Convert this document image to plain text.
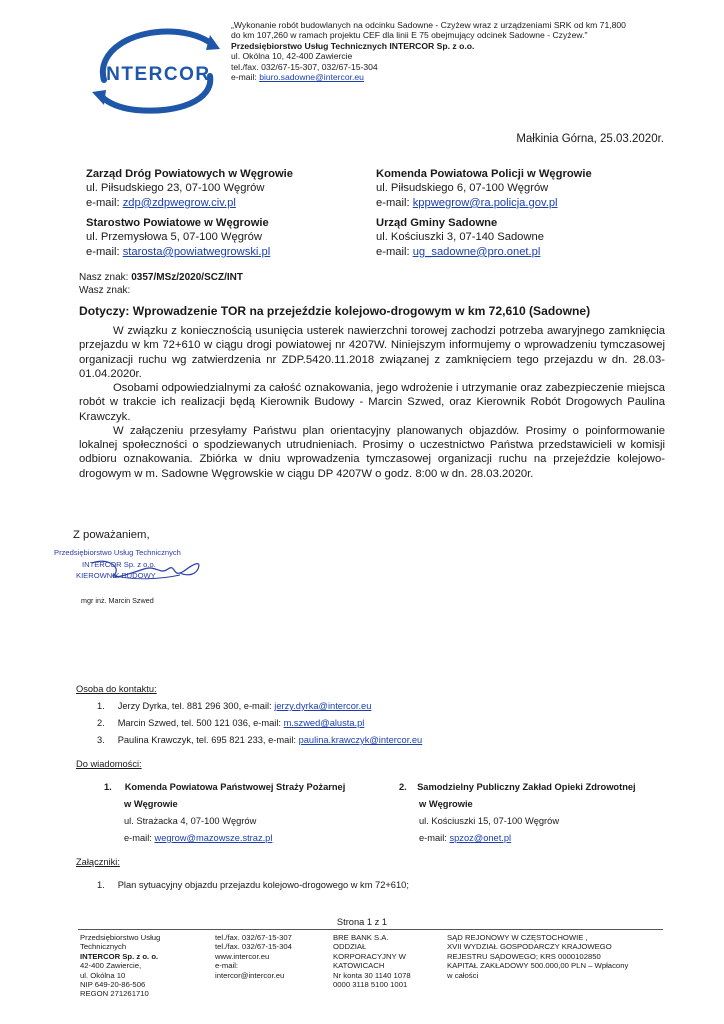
INTERCOR
„Wykonanie robót budowlanych na odcinku Sadowne - Czyżew wraz z urządzeniami SRK od km 71,800
do km 107,260 w ramach projektu CEF dla linii E 75 obejmujący odcinek Sadowne - Czyżew."
Przedsiębiorstwo Usług Technicznych INTERCOR Sp. z o.o.
ul. Okólna 10, 42-400 Zawiercie
tel./fax. 032/67-15-307, 032/67-15-304
e-mail: biuro.sadowne@intercor.eu
Małkinia Górna, 25.03.2020r.
Zarząd Dróg Powiatowych w Węgrowie
ul. Piłsudskiego 23, 07-100 Węgrów
e-mail: zdp@zdpwegrow.civ.pl
Starostwo Powiatowe w Węgrowie
ul. Przemysłowa 5, 07-100 Węgrów
e-mail: starosta@powiatwegrowski.pl
Komenda Powiatowa Policji w Węgrowie
ul. Piłsudskiego 6, 07-100 Węgrów
e-mail: kppwegrow@ra.policja.gov.pl
Urząd Gminy Sadowne
ul. Kościuszki 3, 07-140 Sadowne
e-mail: ug_sadowne@pro.onet.pl
Nasz znak: 0357/MSz/2020/SCZ/INT
Wasz znak:
Dotyczy: Wprowadzenie TOR na przejeździe kolejowo-drogowym w km 72,610 (Sadowne)

W związku z koniecznością usunięcia usterek nawierzchni torowej zachodzi potrzeba awaryjnego zamknięcia przejazdu w km 72+610 w ciągu drogi powiatowej nr 4207W. Niniejszym informujemy o wprowadzeniu tymczasowej organizacji ruchu wg zatwierdzenia nr ZDP.5420.11.2018 związanej z zamknięciem tego przejazdu w dn. 28.03-01.04.2020r.

Osobami odpowiedzialnymi za całość oznakowania, jego wdrożenie i utrzymanie oraz zabezpieczenie miejsca robót w trakcie ich realizacji będą Kierownik Budowy - Marcin Szwed, oraz Kierownik Robót Drogowych Paulina Krawczyk.

W załączeniu przesyłamy Państwu plan orientacyjny planowanych objazdów. Prosimy o poinformowanie lokalnej społeczności o spodziewanych utrudnieniach. Prosimy o uczestnictwo Państwa przedstawicieli w komisji odbioru oznakowania. Zbiórka w dniu wprowadzenia tymczasowej organizacji ruchu na przejeździe kolejowo-drogowym w m. Sadowne Węgrowskie w ciągu DP 4207W o godz. 8:00 w dn. 28.03.2020r.

Z poważaniem,
Przedsiębiorstwo Usług Technicznych
INTERCOR Sp. z o.o.
KIEROWNIK BUDOWY
mgr inż. Marcin Szwed
Osoba do kontaktu:
1. Jerzy Dyrka, tel. 881 296 300, e-mail: jerzy.dyrka@intercor.eu
2. Marcin Szwed, tel. 500 121 036, e-mail: m.szwed@alusta.pl
3. Paulina Krawczyk, tel. 695 821 233, e-mail: paulina.krawczyk@intercor.eu
Do wiadomości:
1. Komenda Powiatowa Państwowej Straży Pożarnej
w Węgrowie
ul. Strażacka 4, 07-100 Węgrów
e-mail: wegrow@mazowsze.straz.pl
2. Samodzielny Publiczny Zakład Opieki Zdrowotnej
w Węgrowie
ul. Kościuszki 15, 07-100 Węgrów
e-mail: spzoz@onet.pl
Załączniki:
1. Plan sytuacyjny objazdu przejazdu kolejowo-drogowego w km 72+610;
Strona 1 z 1
Przedsiębiorstwo Usług
Technicznych
INTERCOR Sp. z o. o.
42-400 Zawiercie,
ul. Okólna 10
NIP 649-20-86-506
REGON 271261710
tel./fax. 032/67-15-307
tel./fax. 032/67-15-304
www.intercor.eu
e-mail:
intercor@intercor.eu
BRE BANK S.A.
ODDZIAŁ
KORPORACYJNY W
KATOWICACH
Nr konta 30 1140 1078
0000 3118 5100 1001
SĄD REJONOWY W CZĘSTOCHOWIE ,
XVII WYDZIAŁ GOSPODARCZY KRAJOWEGO
REJESTRU SĄDOWEGO; KRS 0000102850
KAPITAŁ ZAKŁADOWY 500.000,00 PLN – Wpłacony
w całości
